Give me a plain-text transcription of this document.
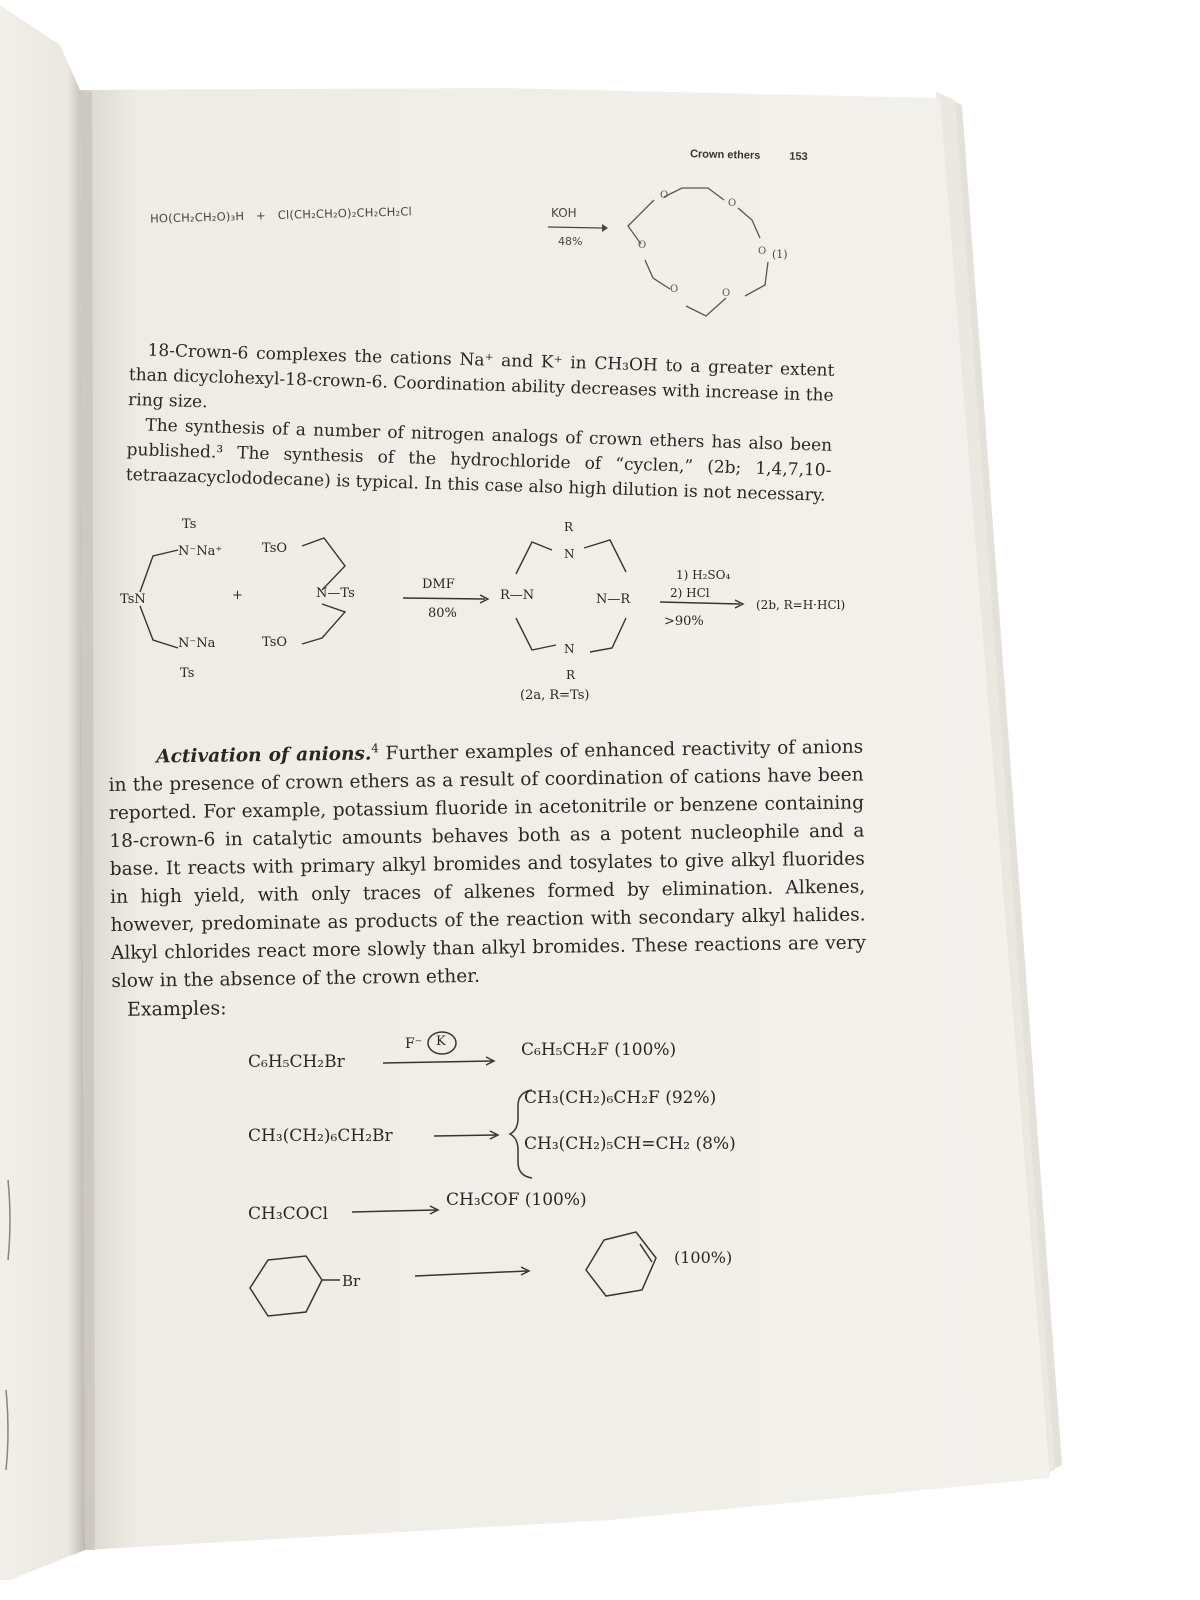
Crown ethers	153
HO(CH₂CH₂O)₃H + Cl(CH₂CH₂O)₂CH₂CH₂Cl	KOH
48%
O
O
O
O
O
O
(1)

18-Crown-6 complexes the cations Na⁺ and K⁺ in CH₃OH to a greater extent than dicyclohexyl-18-crown-6. Coordination ability decreases with increase in the ring size.

The synthesis of a number of nitrogen analogs of crown ethers has also been published.³ The synthesis of the hydrochloride of “cyclen,” (2b; 1,4,7,10-tetraazacyclododecane) is typical. In this case also high dilution is not necessary.

Ts
N⁻Na⁺
TsN	+
N⁻Na
Ts
TsO
TsO
N—Ts
DMF
80%
R
N
R—N	N—R
N
R
(2a, R=Ts)
1) H₂SO₄
2) HCl
>90%
(2b, R=H·HCl)

Activation of anions.$^4$ Further examples of enhanced reactivity of anions in the presence of crown ethers as a result of coordination of cations have been reported. For example, potassium fluoride in acetonitrile or benzene containing 18-crown-6 in catalytic amounts behaves both as a potent nucleophile and a base. It reacts with primary alkyl bromides and tosylates to give alkyl fluorides in high yield, with only traces of alkenes formed by elimination. Alkenes, however, predominate as products of the reaction with secondary alkyl halides. Alkyl chlorides react more slowly than alkyl bromides. These reactions are very slow in the absence of the crown ether.

Examples:
F⁻ K
C₆H₅CH₂Br
C₆H₅CH₂F (100%)
CH₃(CH₂)₆CH₂Br
CH₃(CH₂)₆CH₂F (92%)
CH₃(CH₂)₅CH=CH₂ (8%)
CH₃COCl
CH₃COF (100%)
Br
(100%)
